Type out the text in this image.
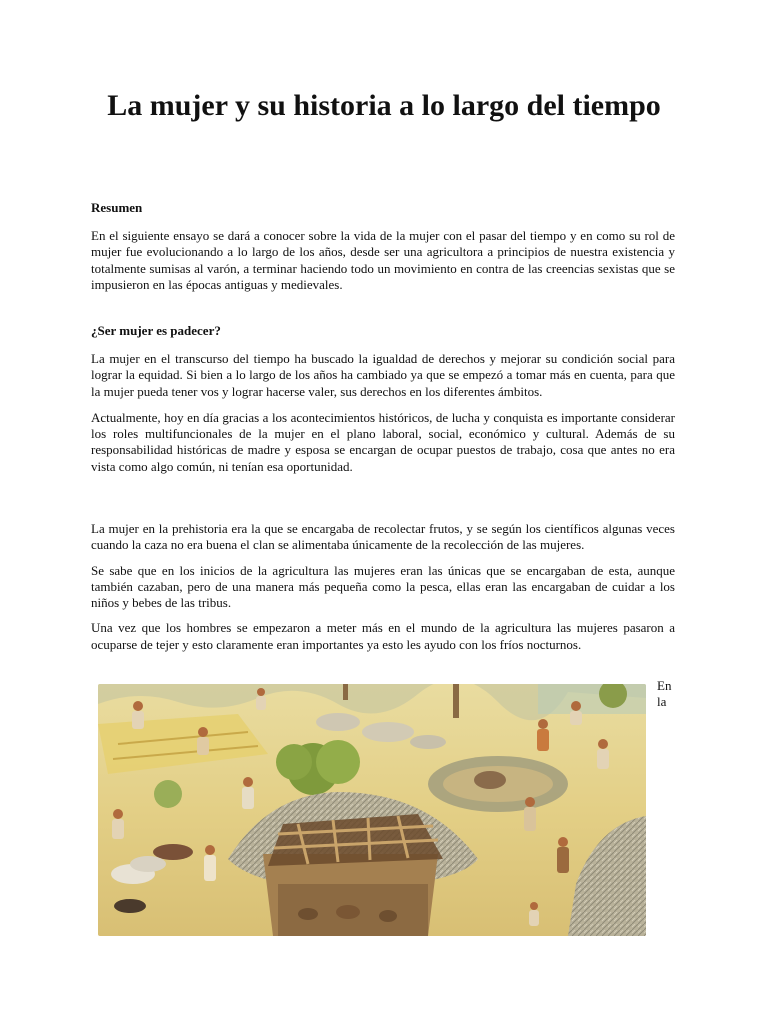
La mujer y su historia a lo largo del tiempo
Resumen

En el siguiente ensayo se dará a conocer sobre la vida de la mujer con el pasar del tiempo y en como su rol de mujer fue evolucionando a lo largo de los años, desde ser una agricultora a principios de nuestra existencia y totalmente sumisas al varón, a terminar haciendo todo un movimiento en contra de las creencias sexistas que se impusieron en las épocas antiguas y medievales.

¿Ser mujer es padecer?

La mujer en el transcurso del tiempo ha buscado la igualdad de derechos y mejorar su condición social para lograr la equidad. Si bien a lo largo de los años ha cambiado ya que se empezó a tomar más en cuenta, para que la mujer pueda tener vos y lograr hacerse valer, sus derechos en los diferentes ámbitos.

Actualmente, hoy en día gracias a los acontecimientos históricos, de lucha y conquista es importante considerar los roles multifuncionales de la mujer en el plano laboral, social, económico y cultural. Además de su responsabilidad históricas de madre y esposa se encargan de ocupar puestos de trabajo, cosa que antes no era vista como algo común, ni tenían esa oportunidad.

La mujer en la prehistoria era la que se encargaba de recolectar frutos, y se según los científicos algunas veces cuando la caza no era buena el clan se alimentaba únicamente de la recolección de las mujeres.

Se sabe que en los inicios de la agricultura las mujeres eran las únicas que se encargaban de esta, aunque también cazaban, pero de una manera más pequeña como la pesca, ellas eran las encargaban de cuidar a los niños y bebes de las tribus.

Una vez que los hombres se empezaron a meter más en el mundo de la agricultura las mujeres pasaron a ocuparse de tejer y esto claramente eran importantes ya esto les ayudo con los fríos nocturnos.

En
la
